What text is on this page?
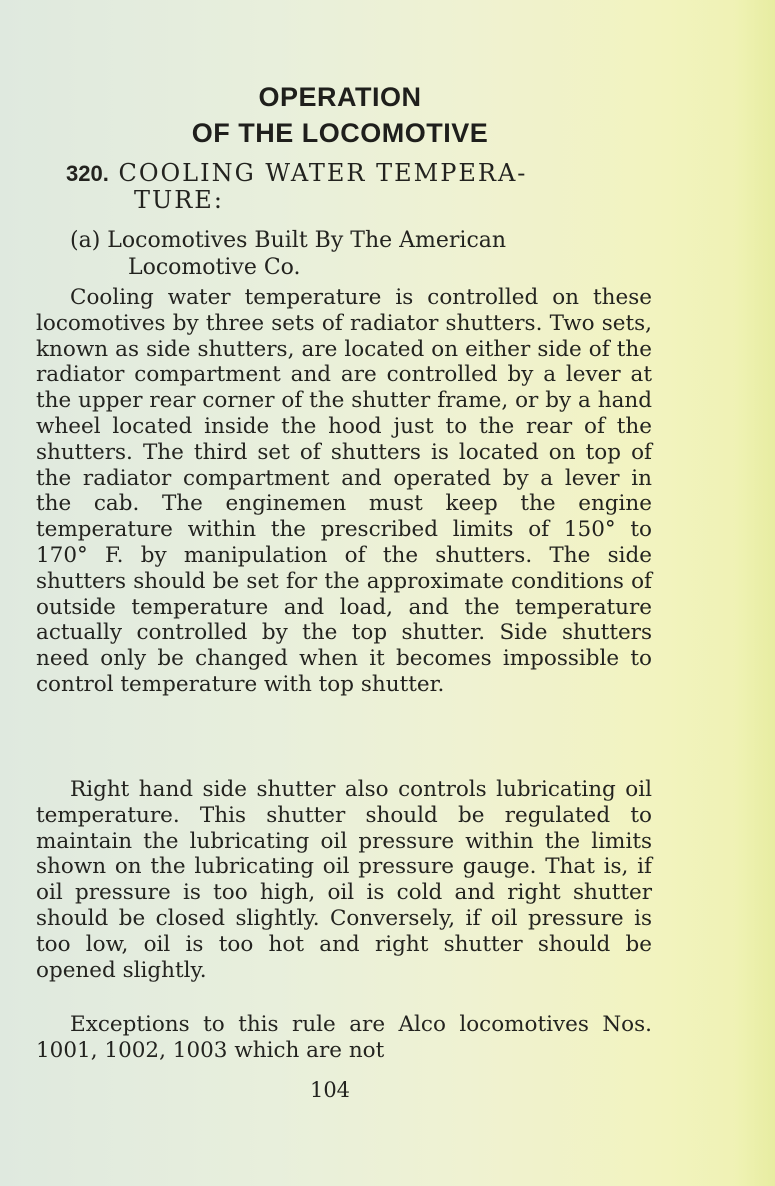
OPERATION
OF THE LOCOMOTIVE
320. COOLING WATER TEMPERA-
TURE:
(a) Locomotives Built By The American
Locomotive Co.

Cooling water temperature is controlled on these locomotives by three sets of radiator shutters. Two sets, known as side shutters, are located on either side of the radiator compartment and are controlled by a lever at the upper rear corner of the shutter frame, or by a hand wheel located inside the hood just to the rear of the shutters. The third set of shutters is located on top of the radiator compartment and operated by a lever in the cab. The enginemen must keep the engine temperature within the prescribed limits of 150° to 170° F. by manipulation of the shutters. The side shutters should be set for the approximate conditions of outside temperature and load, and the temperature actually controlled by the top shutter. Side shutters need only be changed when it becomes impossible to control temperature with top shutter.

Right hand side shutter also controls lubricating oil temperature. This shutter should be regulated to maintain the lubricating oil pressure within the limits shown on the lubricating oil pressure gauge. That is, if oil pressure is too high, oil is cold and right shutter should be closed slightly. Conversely, if oil pressure is too low, oil is too hot and right shutter should be opened slightly.

Exceptions to this rule are Alco locomotives Nos. 1001, 1002, 1003 which are not

104
